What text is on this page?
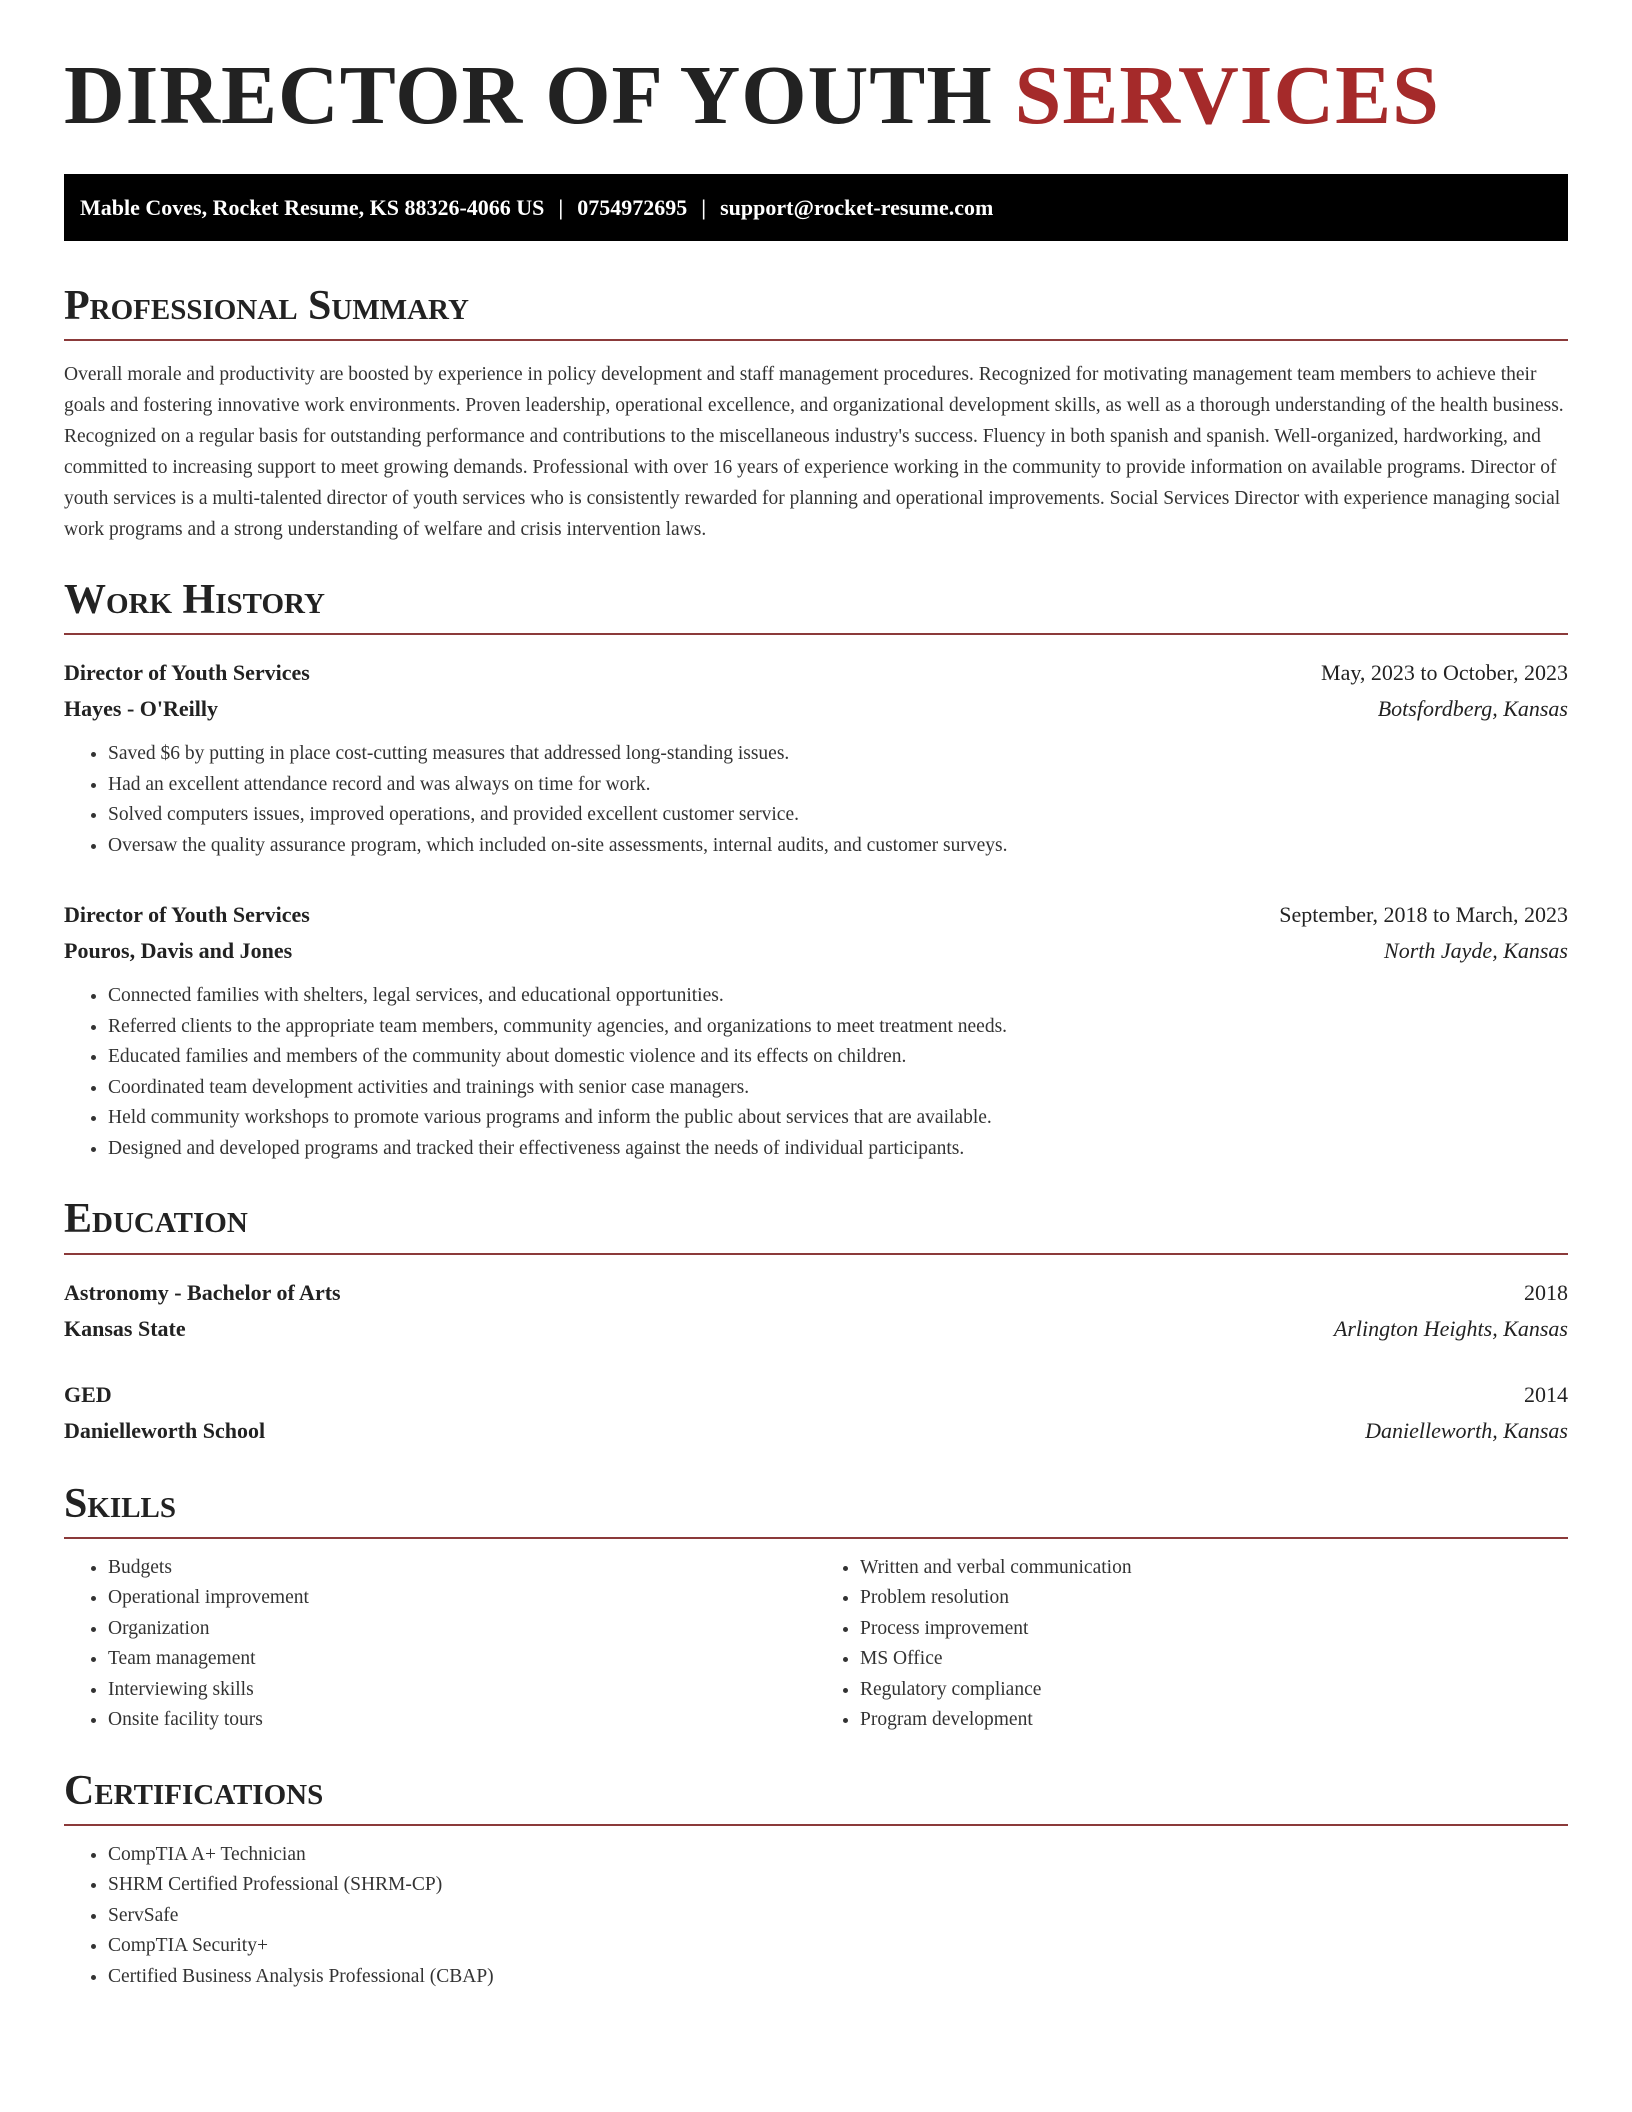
DIRECTOR OF YOUTH SERVICES
Mable Coves, Rocket Resume, KS 88326-4066 US | 0754972695 | support@rocket-resume.com
Professional Summary

Overall morale and productivity are boosted by experience in policy development and staff management procedures. Recognized for motivating management team members to achieve their goals and fostering innovative work environments. Proven leadership, operational excellence, and organizational development skills, as well as a thorough understanding of the health business. Recognized on a regular basis for outstanding performance and contributions to the miscellaneous industry's success. Fluency in both spanish and spanish. Well-organized, hardworking, and committed to increasing support to meet growing demands. Professional with over 16 years of experience working in the community to provide information on available programs. Director of youth services is a multi-talented director of youth services who is consistently rewarded for planning and operational improvements. Social Services Director with experience managing social work programs and a strong understanding of welfare and crisis intervention laws.

Work History
Director of Youth Services	May, 2023 to October, 2023
Hayes - O'Reilly	Botsfordberg, Kansas
• Saved $6 by putting in place cost-cutting measures that addressed long-standing issues.
• Had an excellent attendance record and was always on time for work.
• Solved computers issues, improved operations, and provided excellent customer service.
• Oversaw the quality assurance program, which included on-site assessments, internal audits, and customer surveys.
Director of Youth Services	September, 2018 to March, 2023
Pouros, Davis and Jones	North Jayde, Kansas
• Connected families with shelters, legal services, and educational opportunities.
• Referred clients to the appropriate team members, community agencies, and organizations to meet treatment needs.
• Educated families and members of the community about domestic violence and its effects on children.
• Coordinated team development activities and trainings with senior case managers.
• Held community workshops to promote various programs and inform the public about services that are available.
• Designed and developed programs and tracked their effectiveness against the needs of individual participants.
Education
Astronomy - Bachelor of Arts	2018
Kansas State	Arlington Heights, Kansas
GED	2014
Danielleworth School	Danielleworth, Kansas
Skills
• Budgets
• Operational improvement
• Organization
• Team management
• Interviewing skills
• Onsite facility tours
• Written and verbal communication
• Problem resolution
• Process improvement
• MS Office
• Regulatory compliance
• Program development
Certifications
• CompTIA A+ Technician
• SHRM Certified Professional (SHRM-CP)
• ServSafe
• CompTIA Security+
• Certified Business Analysis Professional (CBAP)
